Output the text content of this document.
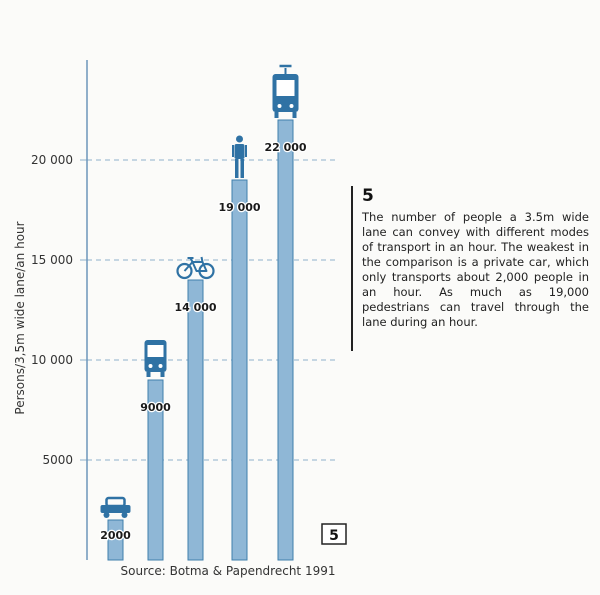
5000
10 000
15 000
20 000
Persons/3,5m wide lane/an hour
2000
9000
14 000
19 000
22 000
Source: Botma & Papendrecht 1991
5
5
The number of people a 3.5m wide lane can convey with different modes of transport in an hour. The weakest in the comparison is a private car, which only transports about 2,000 people in an hour. As much as 19,000 pedestrians can travel through the lane during an hour.
